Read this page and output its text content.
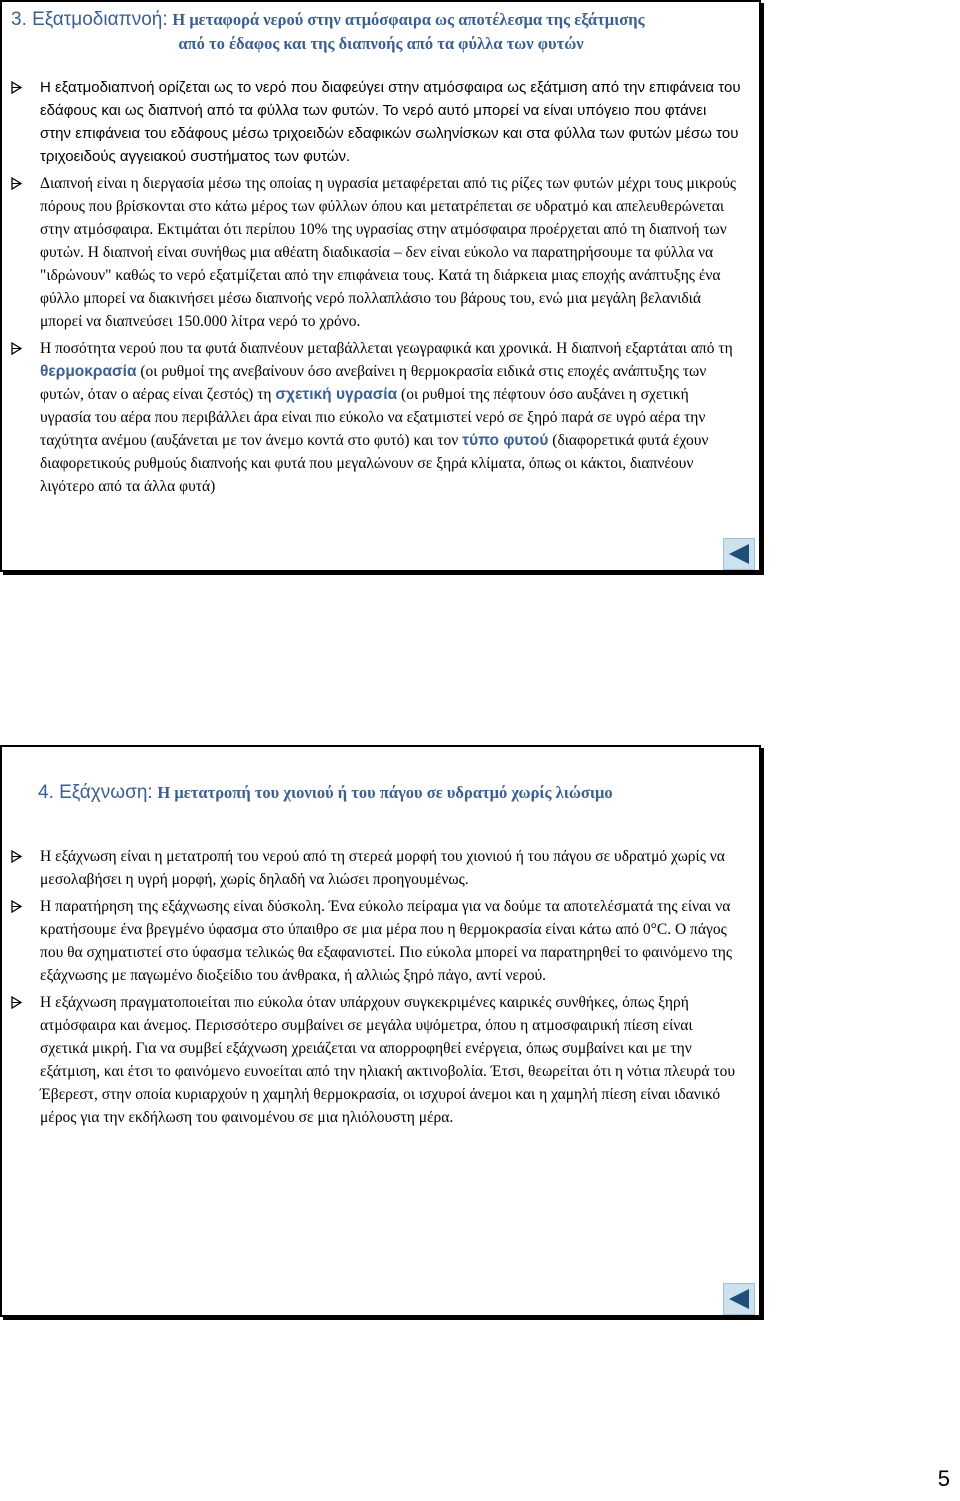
3. Εξατμοδιαπνοή: Η μεταφορά νερού στην ατμόσφαιρα ως αποτέλεσμα της εξάτμισης
από το έδαφος και της διαπνοής από τα φύλλα των φυτών
Η εξατμοδιαπνοή ορίζεται ως το νερό που διαφεύγει στην ατμόσφαιρα ως εξάτμιση από την επιφάνεια του εδάφους και ως διαπνοή από τα φύλλα των φυτών. Το νερό αυτό μπορεί να είναι υπόγειο που φτάνει στην επιφάνεια του εδάφους μέσω τριχοειδών εδαφικών σωληνίσκων και στα φύλλα των φυτών μέσω του τριχοειδούς αγγειακού συστήματος των φυτών.
Διαπνοή είναι η διεργασία μέσω της οποίας η υγρασία μεταφέρεται από τις ρίζες των φυτών μέχρι τους μικρούς πόρους που βρίσκονται στο κάτω μέρος των φύλλων όπου και μετατρέπεται σε υδρατμό και απελευθερώνεται στην ατμόσφαιρα. Εκτιμάται ότι περίπου 10% της υγρασίας στην ατμόσφαιρα προέρχεται από τη διαπνοή των φυτών. Η διαπνοή είναι συνήθως μια αθέατη διαδικασία – δεν είναι εύκολο να παρατηρήσουμε τα φύλλα να "ιδρώνουν" καθώς το νερό εξατμίζεται από την επιφάνεια τους. Κατά τη διάρκεια μιας εποχής ανάπτυξης ένα φύλλο μπορεί να διακινήσει μέσω διαπνοής νερό πολλαπλάσιο του βάρους του, ενώ μια μεγάλη βελανιδιά μπορεί να διαπνεύσει 150.000 λίτρα νερό το χρόνο.
Η ποσότητα νερού που τα φυτά διαπνέουν μεταβάλλεται γεωγραφικά και χρονικά. Η διαπνοή εξαρτάται από τη θερμοκρασία (οι ρυθμοί της ανεβαίνουν όσο ανεβαίνει η θερμοκρασία ειδικά στις εποχές ανάπτυξης των φυτών, όταν ο αέρας είναι ζεστός) τη σχετική υγρασία (οι ρυθμοί της πέφτουν όσο αυξάνει η σχετική υγρασία του αέρα που περιβάλλει άρα είναι πιο εύκολο να εξατμιστεί νερό σε ξηρό παρά σε υγρό αέρα την ταχύτητα ανέμου (αυξάνεται με τον άνεμο κοντά στο φυτό) και τον τύπο φυτού (διαφορετικά φυτά έχουν διαφορετικούς ρυθμούς διαπνοής και φυτά που μεγαλώνουν σε ξηρά κλίματα, όπως οι κάκτοι, διαπνέουν λιγότερο από τα άλλα φυτά)
4. Εξάχνωση: Η μετατροπή του χιονιού ή του πάγου σε υδρατμό χωρίς λιώσιμο
Η εξάχνωση είναι η μετατροπή του νερού από τη στερεά μορφή του χιονιού ή του πάγου σε υδρατμό χωρίς να μεσολαβήσει η υγρή μορφή, χωρίς δηλαδή να λιώσει προηγουμένως.
Η παρατήρηση της εξάχνωσης είναι δύσκολη. Ένα εύκολο πείραμα για να δούμε τα αποτελέσματά της είναι να κρατήσουμε ένα βρεγμένο ύφασμα στο ύπαιθρο σε μια μέρα που η θερμοκρασία είναι κάτω από 0°C. Ο πάγος που θα σχηματιστεί στο ύφασμα τελικώς θα εξαφανιστεί. Πιο εύκολα μπορεί να παρατηρηθεί το φαινόμενο της εξάχνωσης με παγωμένο διοξείδιο του άνθρακα, ή αλλιώς ξηρό πάγο, αντί νερού.
Η εξάχνωση πραγματοποιείται πιο εύκολα όταν υπάρχουν συγκεκριμένες καιρικές συνθήκες, όπως ξηρή ατμόσφαιρα και άνεμος. Περισσότερο συμβαίνει σε μεγάλα υψόμετρα, όπου η ατμοσφαιρική πίεση είναι σχετικά μικρή. Για να συμβεί εξάχνωση χρειάζεται να απορροφηθεί ενέργεια, όπως συμβαίνει και με την εξάτμιση, και έτσι το φαινόμενο ευνοείται από την ηλιακή ακτινοβολία. Έτσι, θεωρείται ότι η νότια πλευρά του Έβερεστ, στην οποία κυριαρχούν η χαμηλή θερμοκρασία, οι ισχυροί άνεμοι και η χαμηλή πίεση είναι ιδανικό μέρος για την εκδήλωση του φαινομένου σε μια ηλιόλουστη μέρα.
5
